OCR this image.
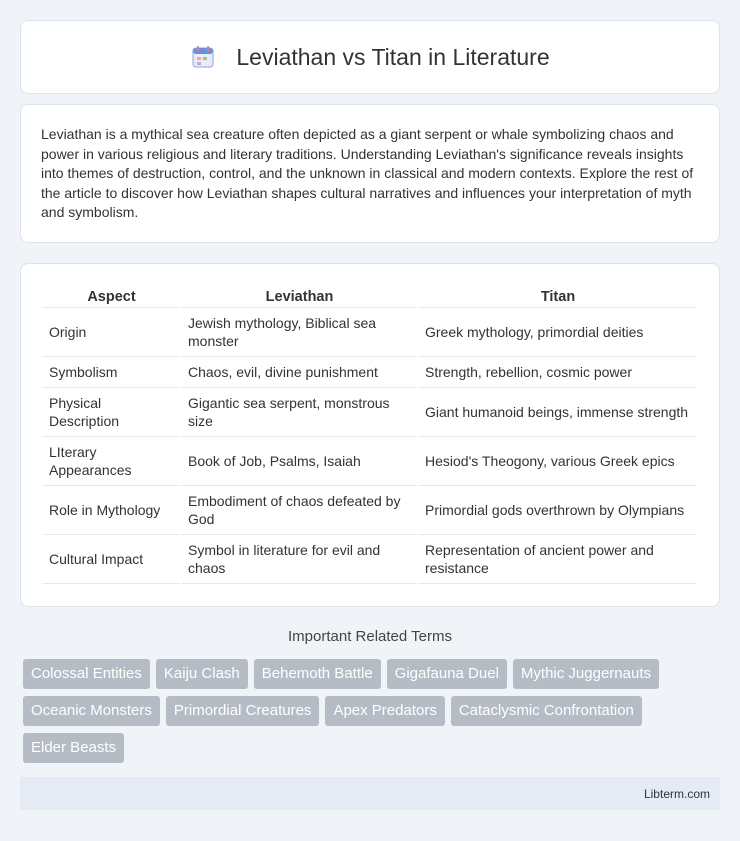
Leviathan vs Titan in Literature

Leviathan is a mythical sea creature often depicted as a giant serpent or whale symbolizing chaos and power in various religious and literary traditions. Understanding Leviathan's significance reveals insights into themes of destruction, control, and the unknown in classical and modern contexts. Explore the rest of the article to discover how Leviathan shapes cultural narratives and influences your interpretation of myth and symbolism.

Aspect	Leviathan	Titan
Origin	Jewish mythology, Biblical sea monster	Greek mythology, primordial deities
Symbolism	Chaos, evil, divine punishment	Strength, rebellion, cosmic power
Physical Description	Gigantic sea serpent, monstrous size	Giant humanoid beings, immense strength
LIterary Appearances	Book of Job, Psalms, Isaiah	Hesiod's Theogony, various Greek epics
Role in Mythology	Embodiment of chaos defeated by God	Primordial gods overthrown by Olympians
Cultural Impact	Symbol in literature for evil and chaos	Representation of ancient power and resistance
Important Related Terms
Colossal Entities	Kaiju Clash	Behemoth Battle	Gigafauna Duel	Mythic Juggernauts
Oceanic Monsters	Primordial Creatures	Apex Predators	Cataclysmic Confrontation
Elder Beasts
Libterm.com
